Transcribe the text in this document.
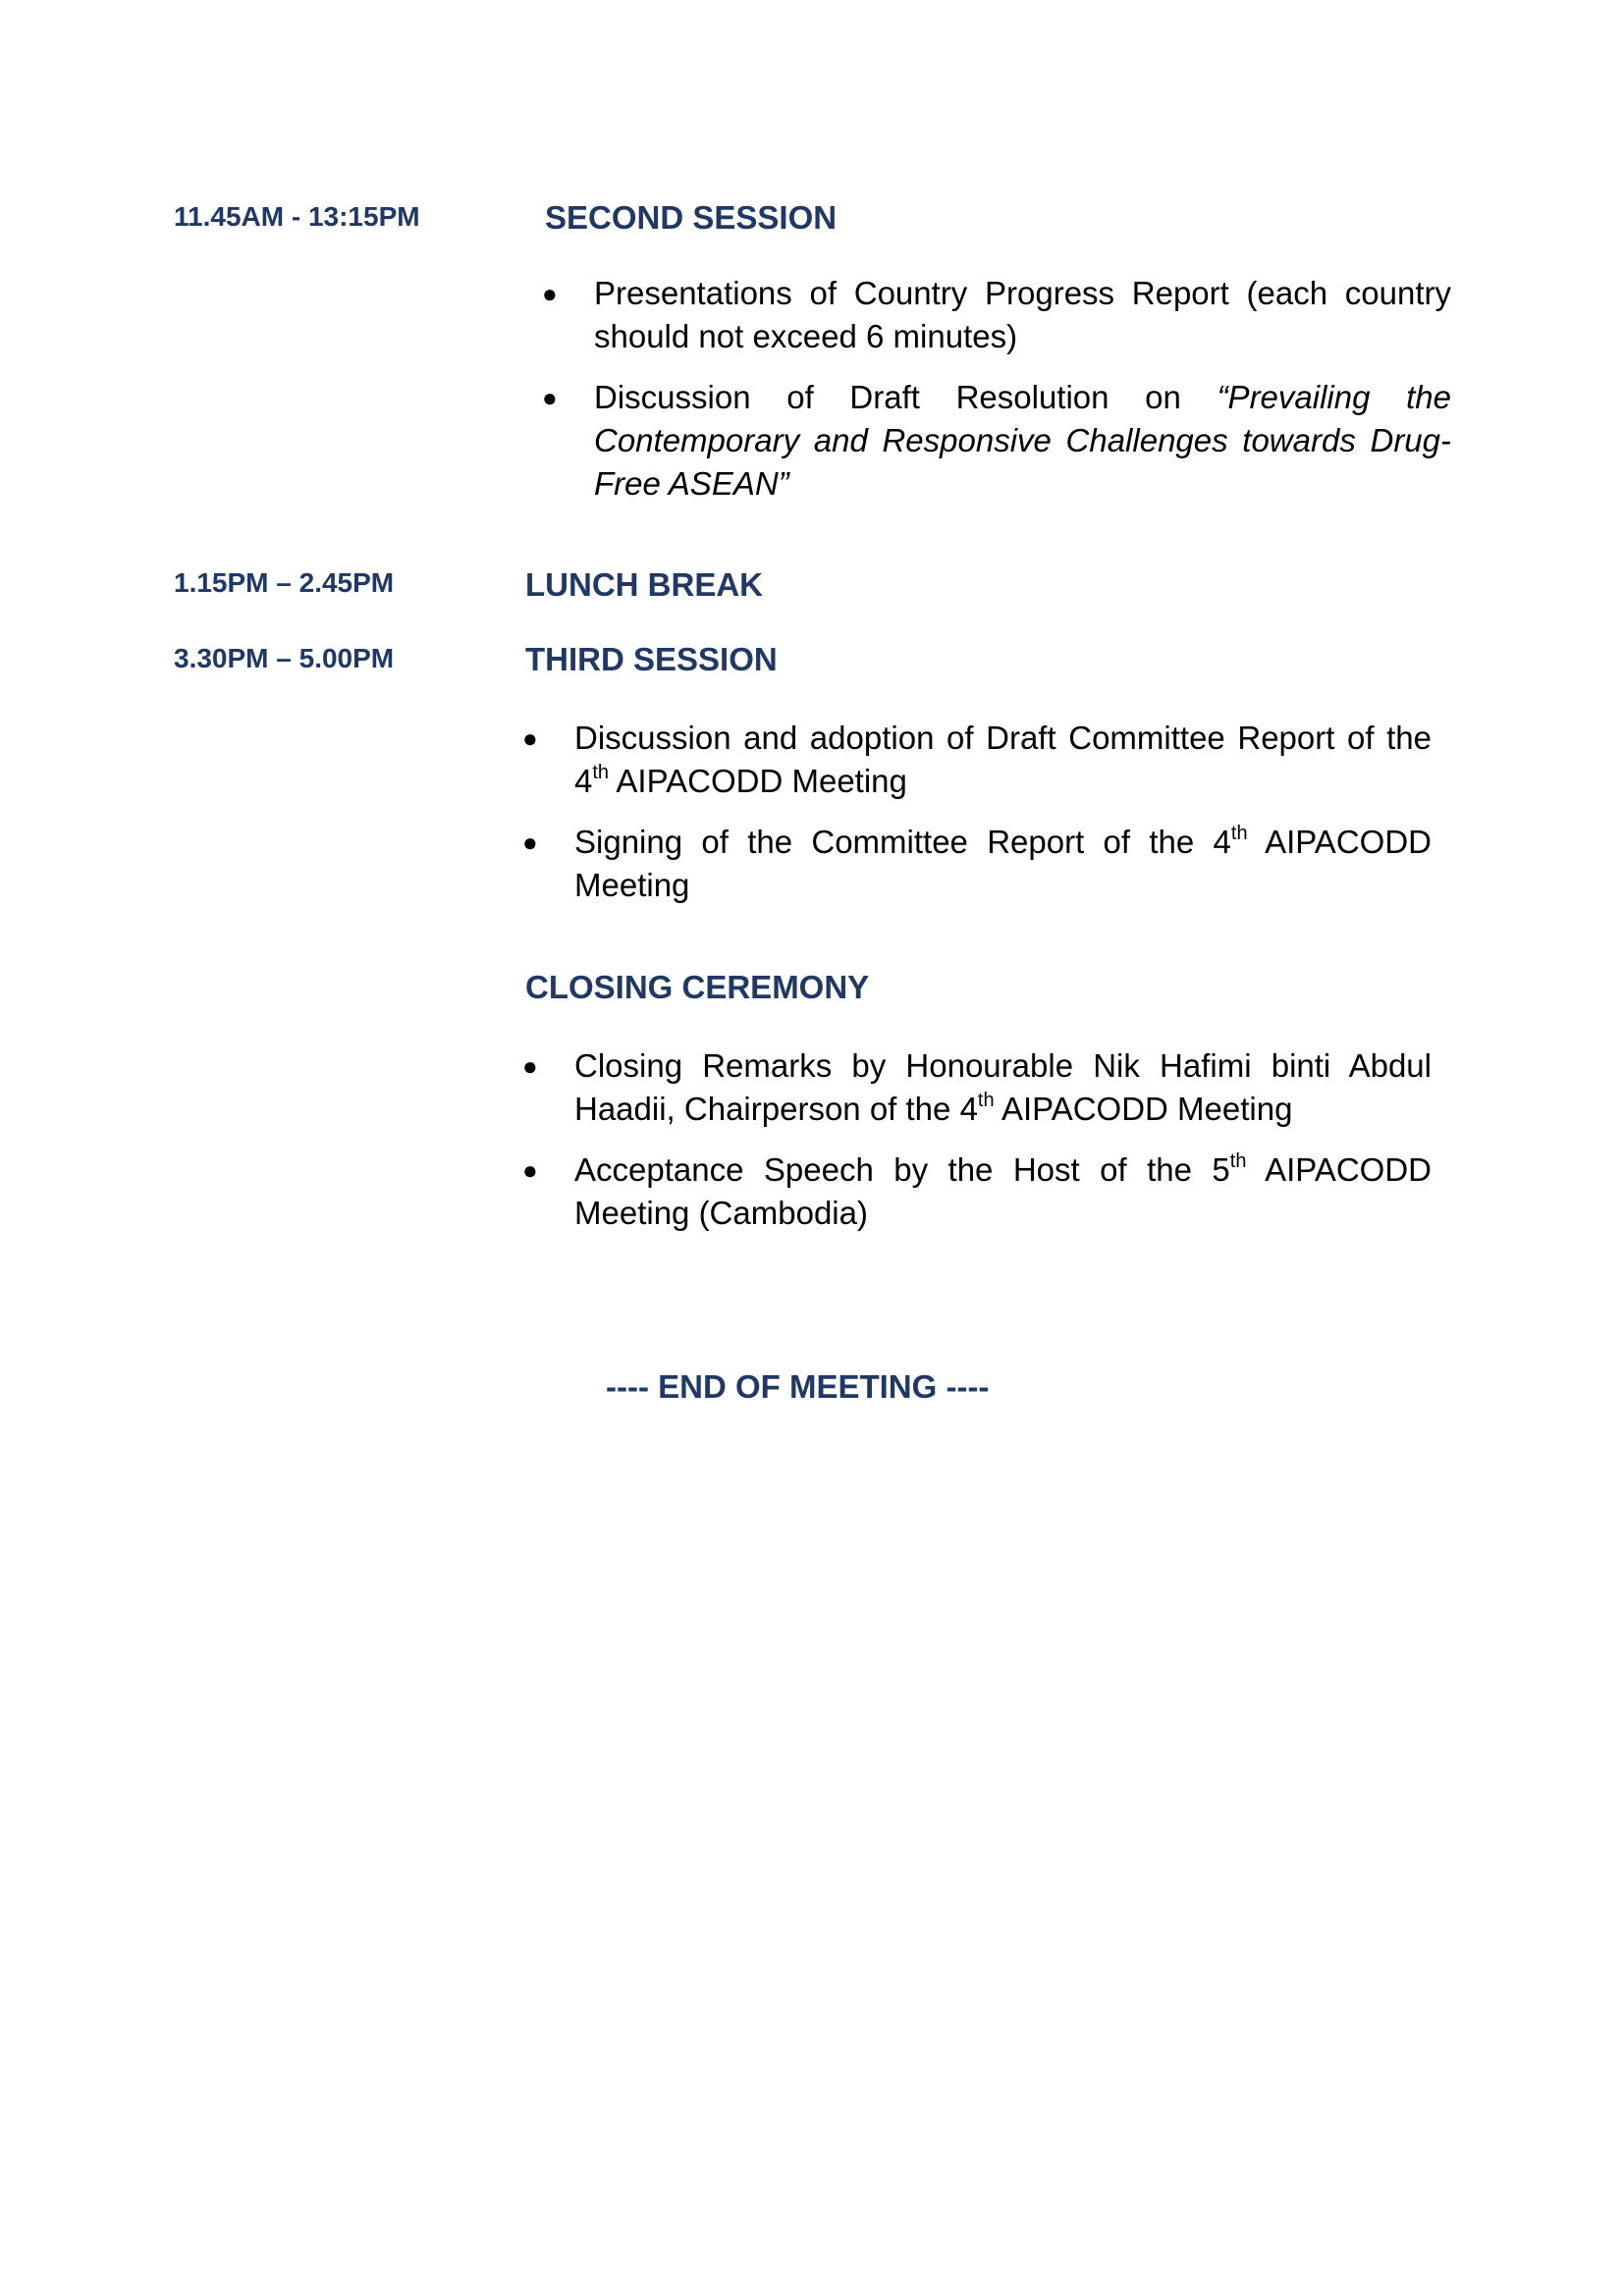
11.45AM - 13:15PM	SECOND SESSION
● Presentations of Country Progress Report (each country should not exceed 6 minutes)
● Discussion of Draft Resolution on “Prevailing the Contemporary and Responsive Challenges towards Drug-Free ASEAN”
1.15PM – 2.45PM	LUNCH BREAK
3.30PM – 5.00PM	THIRD SESSION
● Discussion and adoption of Draft Committee Report of the 4th AIPACODD Meeting
● Signing of the Committee Report of the 4th AIPACODD Meeting
CLOSING CEREMONY
● Closing Remarks by Honourable Nik Hafimi binti Abdul Haadii, Chairperson of the 4th AIPACODD Meeting
● Acceptance Speech by the Host of the 5th AIPACODD Meeting (Cambodia)
---- END OF MEETING ----
